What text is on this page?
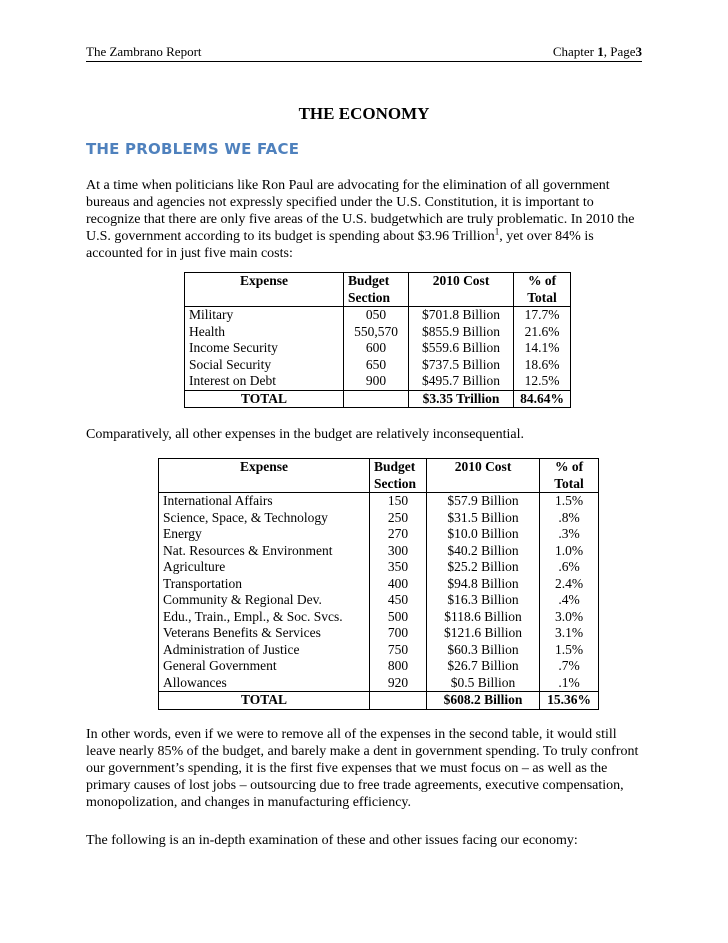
The Zambrano Report	Chapter 1, Page3
THE ECONOMY
THE PROBLEMS WE FACE
At a time when politicians like Ron Paul are advocating for the elimination of all government bureaus and agencies not expressly specified under the U.S. Constitution, it is important to recognize that there are only five areas of the U.S. budgetwhich are truly problematic. In 2010 the U.S. government according to its budget is spending about $3.96 Trillion$^1$, yet over 84% is accounted for in just five main costs:
Expense	Budget Section	2010 Cost	% of Total
Military	050	$701.8 Billion	17.7%
Health	550,570	$855.9 Billion	21.6%
Income Security	600	$559.6 Billion	14.1%
Social Security	650	$737.5 Billion	18.6%
Interest on Debt	900	$495.7 Billion	12.5%
TOTAL		$3.35 Trillion	84.64%
Comparatively, all other expenses in the budget are relatively inconsequential.
Expense	Budget Section	2010 Cost	% of Total
International Affairs	150	$57.9 Billion	1.5%
Science, Space, & Technology	250	$31.5 Billion	.8%
Energy	270	$10.0 Billion	.3%
Nat. Resources & Environment	300	$40.2 Billion	1.0%
Agriculture	350	$25.2 Billion	.6%
Transportation	400	$94.8 Billion	2.4%
Community & Regional Dev.	450	$16.3 Billion	.4%
Edu., Train., Empl., & Soc. Svcs.	500	$118.6 Billion	3.0%
Veterans Benefits & Services	700	$121.6 Billion	3.1%
Administration of Justice	750	$60.3 Billion	1.5%
General Government	800	$26.7 Billion	.7%
Allowances	920	$0.5 Billion	.1%
TOTAL		$608.2 Billion	15.36%
In other words, even if we were to remove all of the expenses in the second table, it would still leave nearly 85% of the budget, and barely make a dent in government spending. To truly confront our government’s spending, it is the first five expenses that we must focus on – as well as the primary causes of lost jobs – outsourcing due to free trade agreements, executive compensation, monopolization, and changes in manufacturing efficiency.
The following is an in-depth examination of these and other issues facing our economy:
